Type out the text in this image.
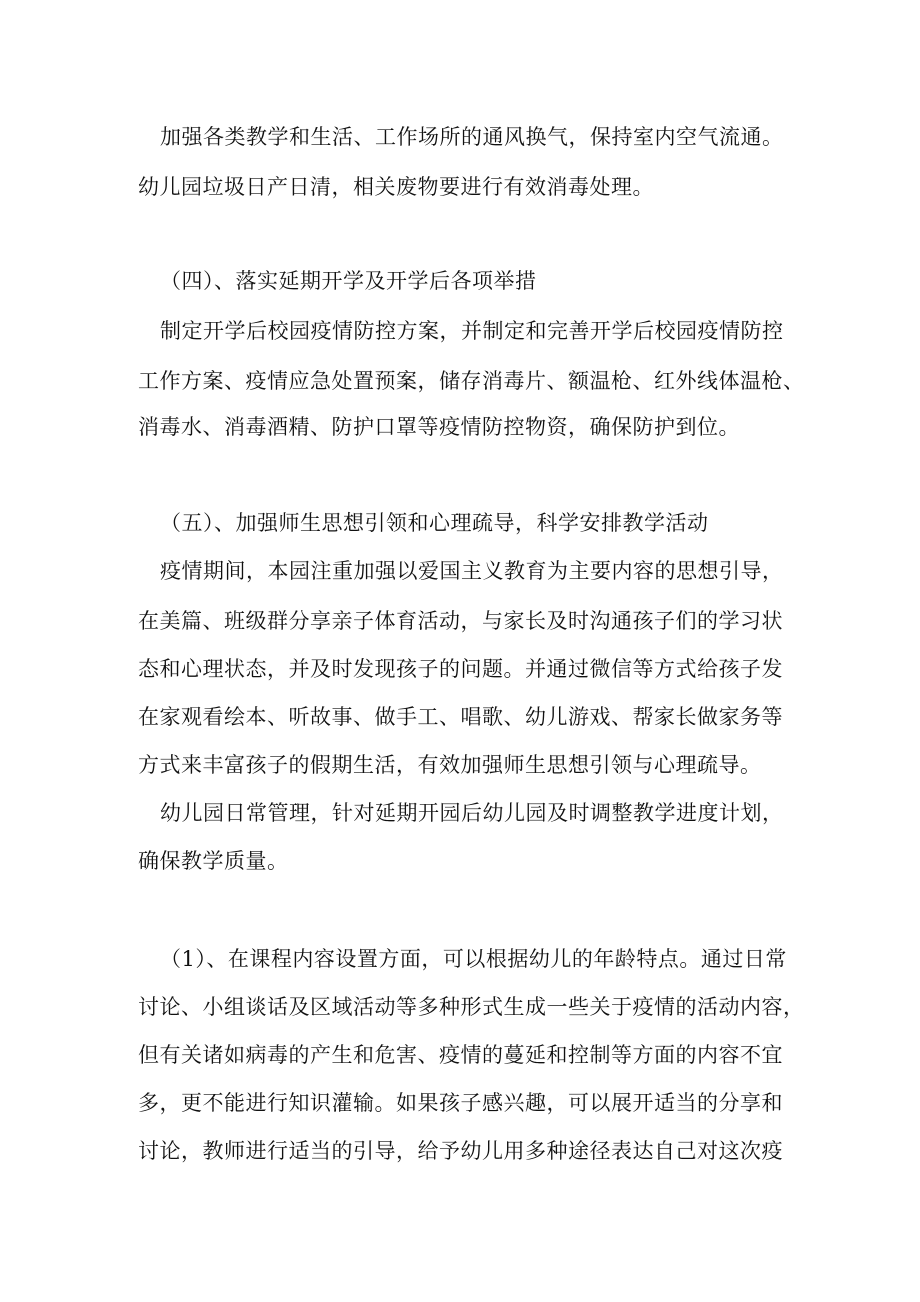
加强各类教学和生活、工作场所的通风换气，保持室内空气流通。
幼儿园垃圾日产日清，相关废物要进行有效消毒处理。
（四）、落实延期开学及开学后各项举措
制定开学后校园疫情防控方案，并制定和完善开学后校园疫情防控
工作方案、疫情应急处置预案，储存消毒片、额温枪、红外线体温枪、
消毒水、消毒酒精、防护口罩等疫情防控物资，确保防护到位。
（五）、加强师生思想引领和心理疏导，科学安排教学活动
疫情期间，本园注重加强以爱国主义教育为主要内容的思想引导，
在美篇、班级群分享亲子体育活动，与家长及时沟通孩子们的学习状
态和心理状态，并及时发现孩子的问题。并通过微信等方式给孩子发
在家观看绘本、听故事、做手工、唱歌、幼儿游戏、帮家长做家务等
方式来丰富孩子的假期生活，有效加强师生思想引领与心理疏导。
幼儿园日常管理，针对延期开园后幼儿园及时调整教学进度计划，
确保教学质量。
（1）、在课程内容设置方面，可以根据幼儿的年龄特点。通过日常
讨论、小组谈话及区域活动等多种形式生成一些关于疫情的活动内容，
但有关诸如病毒的产生和危害、疫情的蔓延和控制等方面的内容不宜
多，更不能进行知识灌输。如果孩子感兴趣，可以展开适当的分享和
讨论，教师进行适当的引导，给予幼儿用多种途径表达自己对这次疫
